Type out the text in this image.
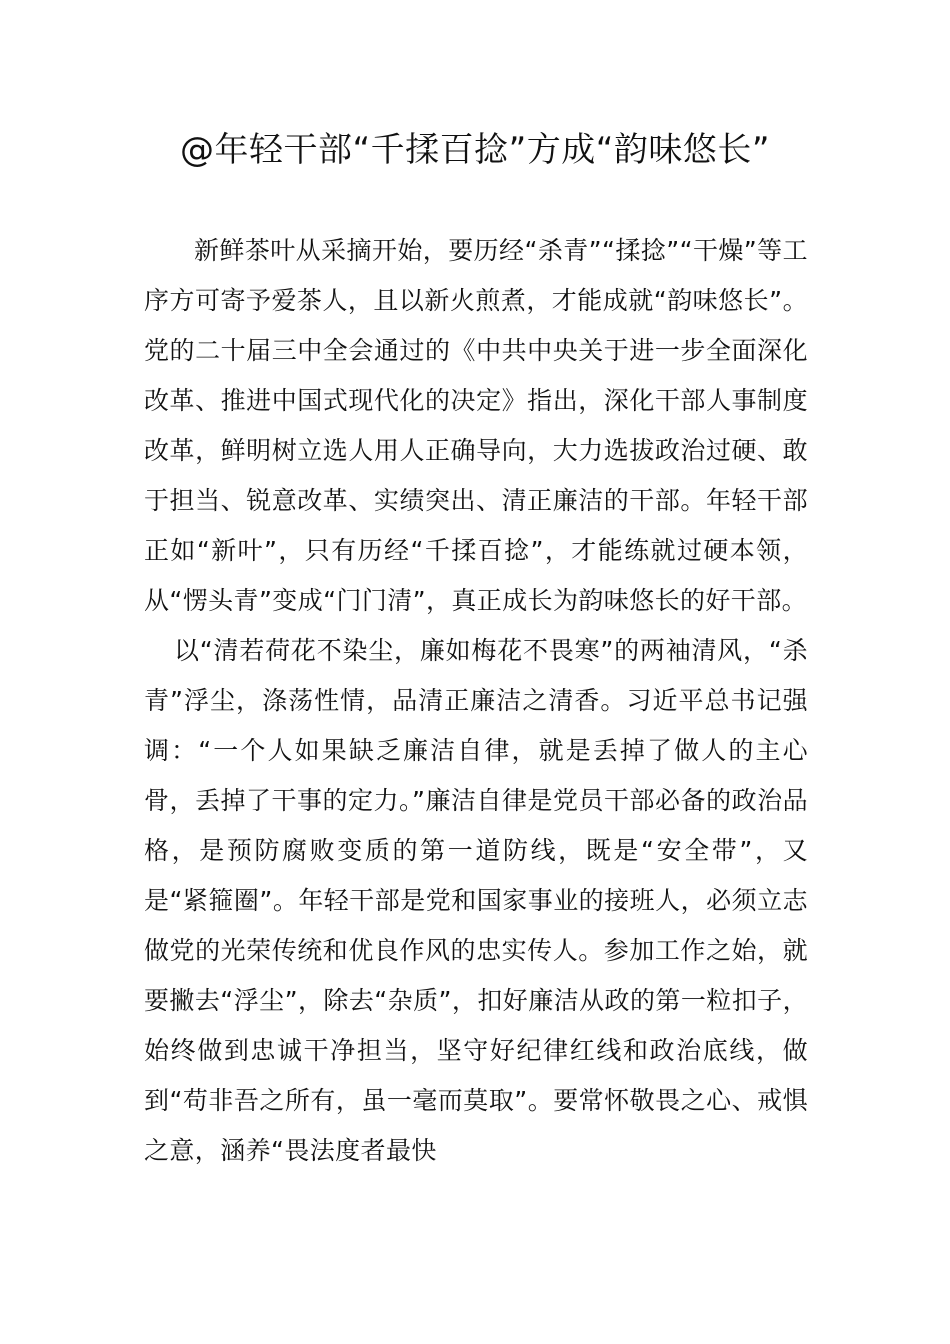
@年轻干部“千揉百捻”方成“韵味悠长”

新鲜茶叶从采摘开始，要历经“杀青”“揉捻”“干燥”等工序方可寄予爱茶人，且以新火煎煮，才能成就“韵味悠长”。党的二十届三中全会通过的《中共中央关于进一步全面深化改革、推进中国式现代化的决定》指出，深化干部人事制度改革，鲜明树立选人用人正确导向，大力选拔政治过硬、敢于担当、锐意改革、实绩突出、清正廉洁的干部。年轻干部正如“新叶”，只有历经“千揉百捻”，才能练就过硬本领，从“愣头青”变成“门门清”，真正成长为韵味悠长的好干部。

以“清若荷花不染尘，廉如梅花不畏寒”的两袖清风，“杀青”浮尘，涤荡性情，品清正廉洁之清香。习近平总书记强调：“一个人如果缺乏廉洁自律，就是丢掉了做人的主心骨，丢掉了干事的定力。”廉洁自律是党员干部必备的政治品格，是预防腐败变质的第一道防线，既是“安全带”，又是“紧箍圈”。年轻干部是党和国家事业的接班人，必须立志做党的光荣传统和优良作风的忠实传人。参加工作之始，就要撇去“浮尘”，除去“杂质”，扣好廉洁从政的第一粒扣子，始终做到忠诚干净担当，坚守好纪律红线和政治底线，做到“苟非吾之所有，虽一毫而莫取”。要常怀敬畏之心、戒惧之意，涵养“畏法度者最快
